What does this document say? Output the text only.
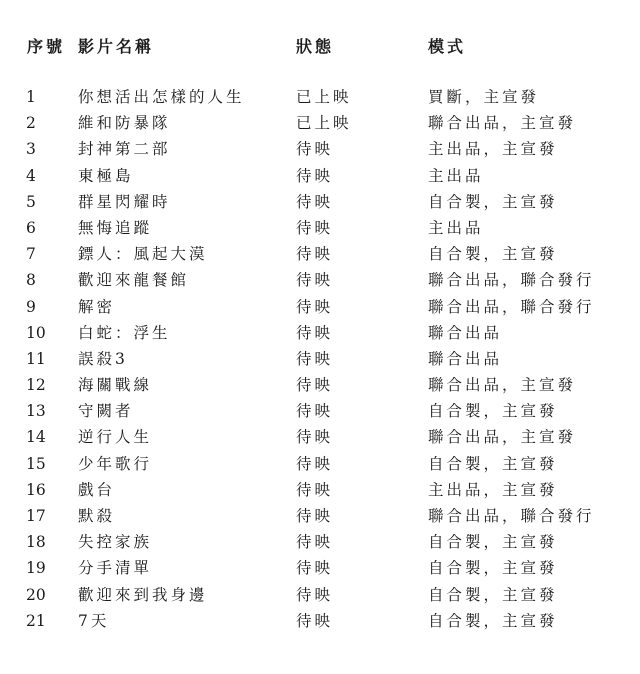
序號 影片名稱	狀態	模式
1	你想活出怎樣的人生	已上映	買斷，主宣發
2	維和防暴隊	已上映	聯合出品，主宣發
3	封神第二部	待映	主出品，主宣發
4	東極島	待映	主出品
5	群星閃耀時	待映	自合製，主宣發
6	無悔追蹤	待映	主出品
7	鏢人：風起大漠	待映	自合製，主宣發
8	歡迎來龍餐館	待映	聯合出品，聯合發行
9	解密	待映	聯合出品，聯合發行
10 白蛇：浮生	待映	聯合出品
11 誤殺3	待映	聯合出品
12 海關戰線	待映	聯合出品，主宣發
13 守闕者	待映	自合製，主宣發
14 逆行人生	待映	聯合出品，主宣發
15 少年歌行	待映	自合製，主宣發
16 戲台	待映	主出品，主宣發
17 默殺	待映	聯合出品，聯合發行
18 失控家族	待映	自合製，主宣發
19 分手清單	待映	自合製，主宣發
20 歡迎來到我身邊	待映	自合製，主宣發
21 7天	待映	自合製，主宣發
